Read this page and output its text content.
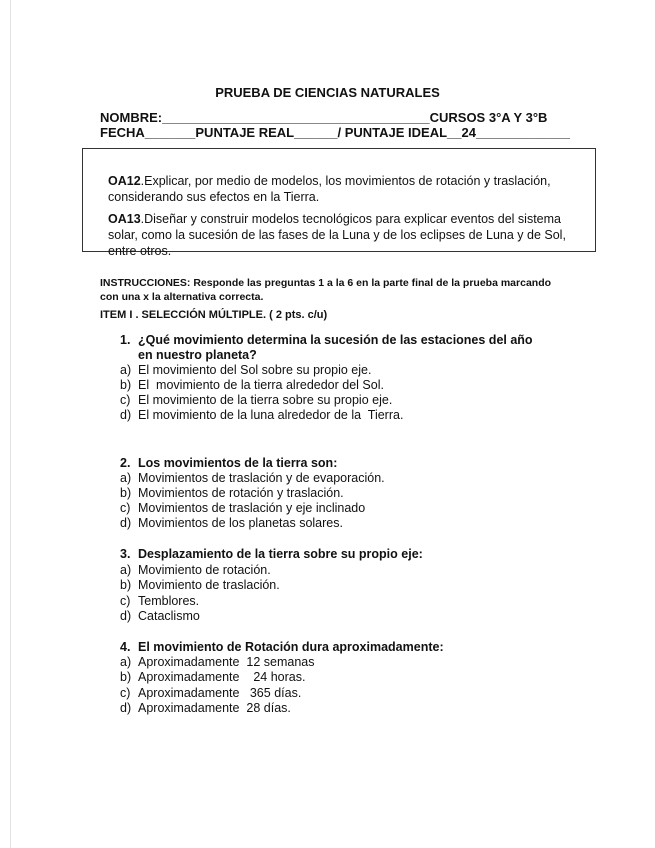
PRUEBA DE CIENCIAS NATURALES
NOMBRE:_____________________________________CURSOS 3°A Y 3°B
FECHA_______PUNTAJE REAL______/ PUNTAJE IDEAL__24_____________
OA12.Explicar, por medio de modelos, los movimientos de rotación y traslación, considerando sus efectos en la Tierra.
OA13.Diseñar y construir modelos tecnológicos para explicar eventos del sistema solar, como la sucesión de las fases de la Luna y de los eclipses de Luna y de Sol, entre otros.
INSTRUCCIONES: Responde las preguntas 1 a la 6 en la parte final de la prueba marcando con una x la alternativa correcta.
ITEM I . SELECCIÓN MÚLTIPLE. ( 2 pts. c/u)
1. ¿Qué movimiento determina la sucesión de las estaciones del año en nuestro planeta?
a) El movimiento del Sol sobre su propio eje.
b) El  movimiento de la tierra alrededor del Sol.
c) El movimiento de la tierra sobre su propio eje.
d) El movimiento de la luna alrededor de la  Tierra.
2. Los movimientos de la tierra son:
a) Movimientos de traslación y de evaporación.
b) Movimientos de rotación y traslación.
c) Movimientos de traslación y eje inclinado
d) Movimientos de los planetas solares.
3. Desplazamiento de la tierra sobre su propio eje:
a) Movimiento de rotación.
b) Movimiento de traslación.
c) Temblores.
d) Cataclismo
4. El movimiento de Rotación dura aproximadamente:
a) Aproximadamente  12 semanas
b) Aproximadamente    24 horas.
c) Aproximadamente   365 días.
d) Aproximadamente  28 días.
